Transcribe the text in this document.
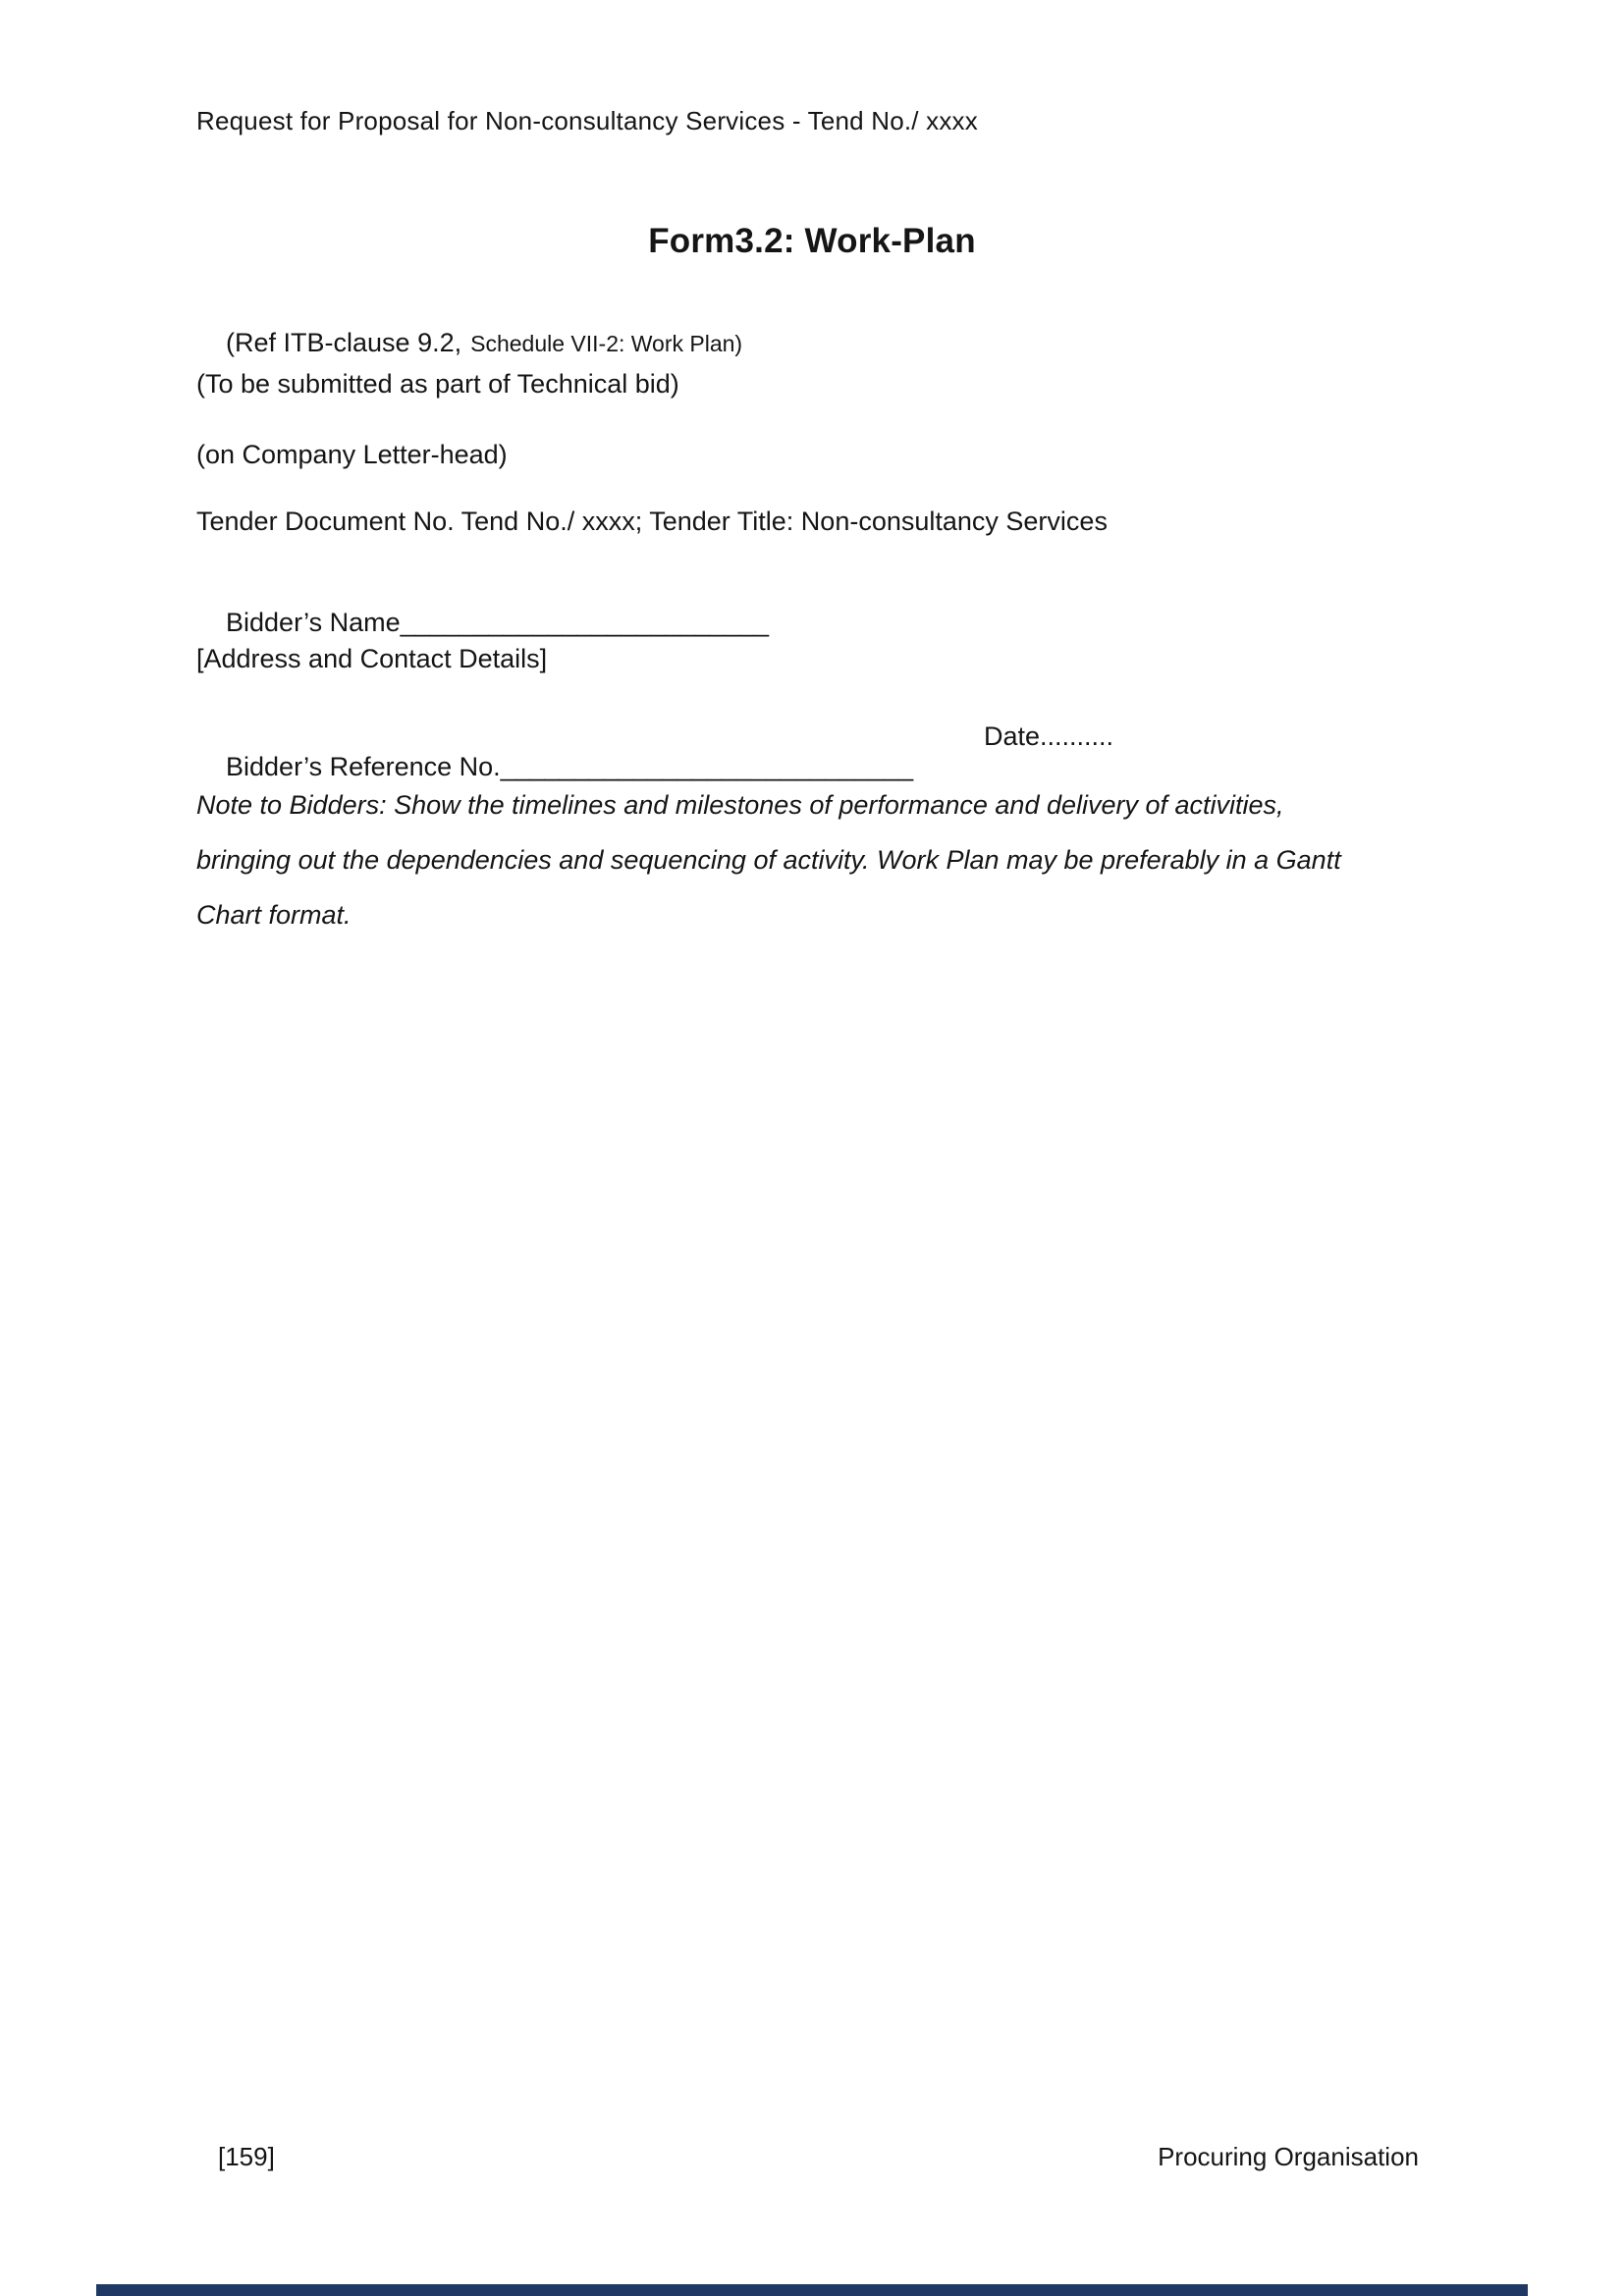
Request for Proposal for Non-consultancy Services - Tend No./ xxxx
Form3.2: Work-Plan

(Ref ITB-clause 9.2, Schedule VII-2: Work Plan)

(To be submitted as part of Technical bid)
(on Company Letter-head)
Tender Document No. Tend No./ xxxx; Tender Title: Non-consultancy Services

Bidder’s Name_________________________

[Address and Contact Details]

Bidder’s Reference No.____________________________

Date..........

Note to Bidders: Show the timelines and milestones of performance and delivery of activities,
bringing out the dependencies and sequencing of activity. Work Plan may be preferably in a Gantt
Chart format.
[159]	Procuring Organisation
